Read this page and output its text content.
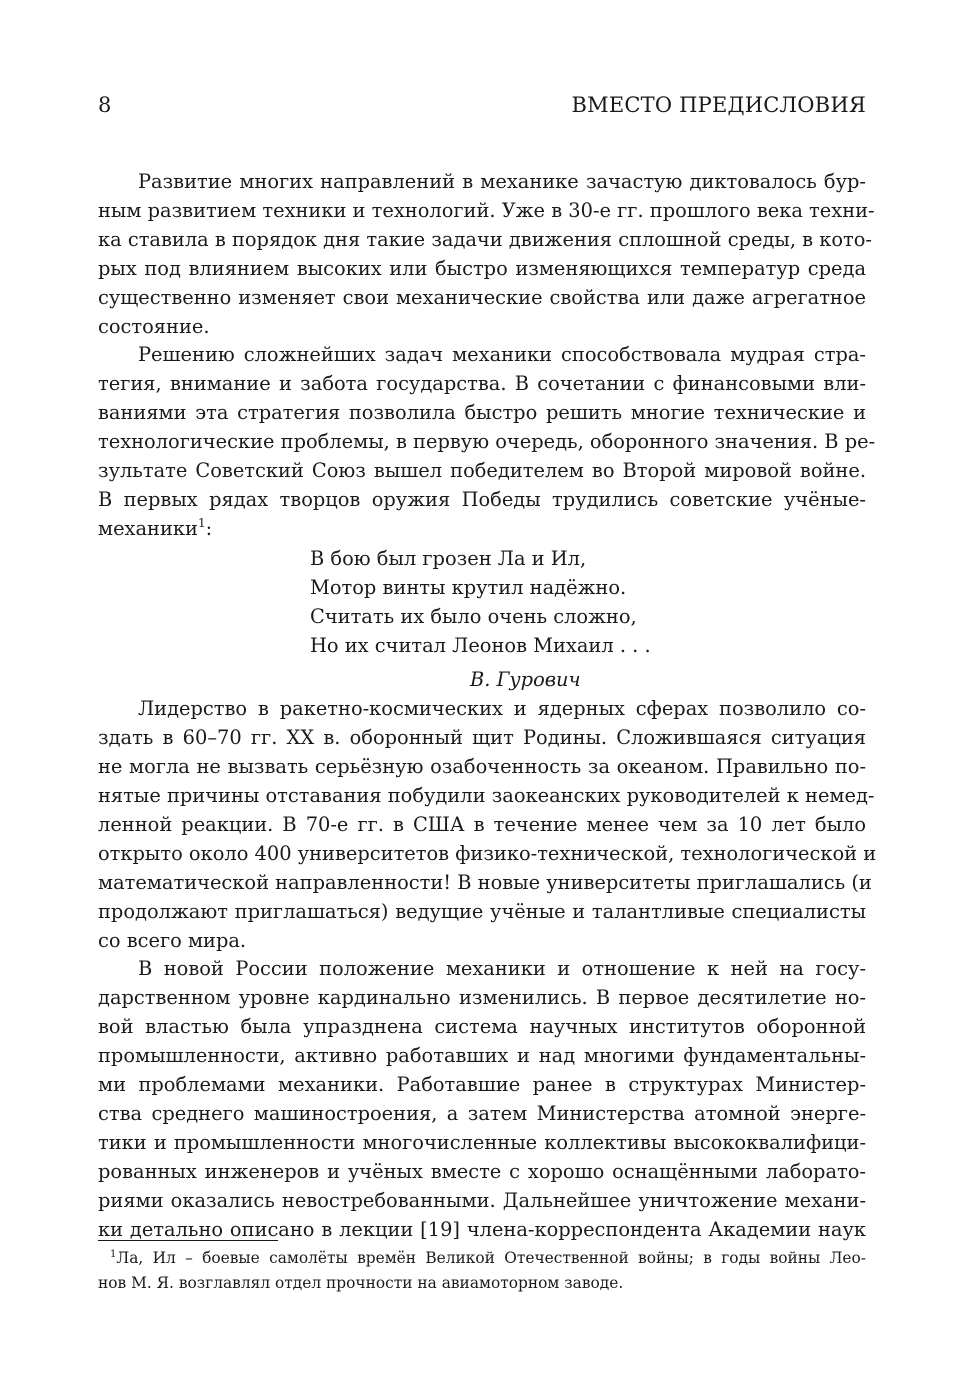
8	ВМЕСТО ПРЕДИСЛОВИЯ

Развитие многих направлений в механике зачастую диктовалось бур-
ным развитием техники и технологий. Уже в 30-е гг. прошлого века техни-
ка ставила в порядок дня такие задачи движения сплошной среды, в кото-
рых под влиянием высоких или быстро изменяющихся температур среда
существенно изменяет свои механические свойства или даже агрегатное
состояние.

Решению сложнейших задач механики способствовала мудрая стра-
тегия, внимание и забота государства. В сочетании с финансовыми вли-
ваниями эта стратегия позволила быстро решить многие технические и
технологические проблемы, в первую очередь, оборонного значения. В ре-
зультате Советский Союз вышел победителем во Второй мировой войне.
В первых рядах творцов оружия Победы трудились советские учёные-
механики$^1$:

В бою был грозен Ла и Ил,
Мотор винты крутил надёжно.
Считать их было очень сложно,
Но их считал Леонов Михаил . . .
В. Гурович

Лидерство в ракетно-космических и ядерных сферах позволило со-
здать в 60–70 гг. XX в. оборонный щит Родины. Сложившаяся ситуация
не могла не вызвать серьёзную озабоченность за океаном. Правильно по-
нятые причины отставания побудили заокеанских руководителей к немед-
ленной реакции. В 70-е гг. в США в течение менее чем за 10 лет было
открыто около 400 университетов физико-технической, технологической и
математической направленности! В новые университеты приглашались (и
продолжают приглашаться) ведущие учёные и талантливые специалисты
со всего мира.

В новой России положение механики и отношение к ней на госу-
дарственном уровне кардинально изменились. В первое десятилетие но-
вой властью была упразднена система научных институтов оборонной
промышленности, активно работавших и над многими фундаментальны-
ми проблемами механики. Работавшие ранее в структурах Министер-
ства среднего машиностроения, а затем Министерства атомной энерге-
тики и промышленности многочисленные коллективы высококвалифици-
рованных инженеров и учёных вместе с хорошо оснащёнными лаборато-
риями оказались невостребованными. Дальнейшее уничтожение механи-
ки детально описано в лекции [19] члена-корреспондента Академии наук

$^1$Ла, Ил – боевые самолёты времён Великой Отечественной войны; в годы войны Лео-
нов М. Я. возглавлял отдел прочности на авиамоторном заводе.
